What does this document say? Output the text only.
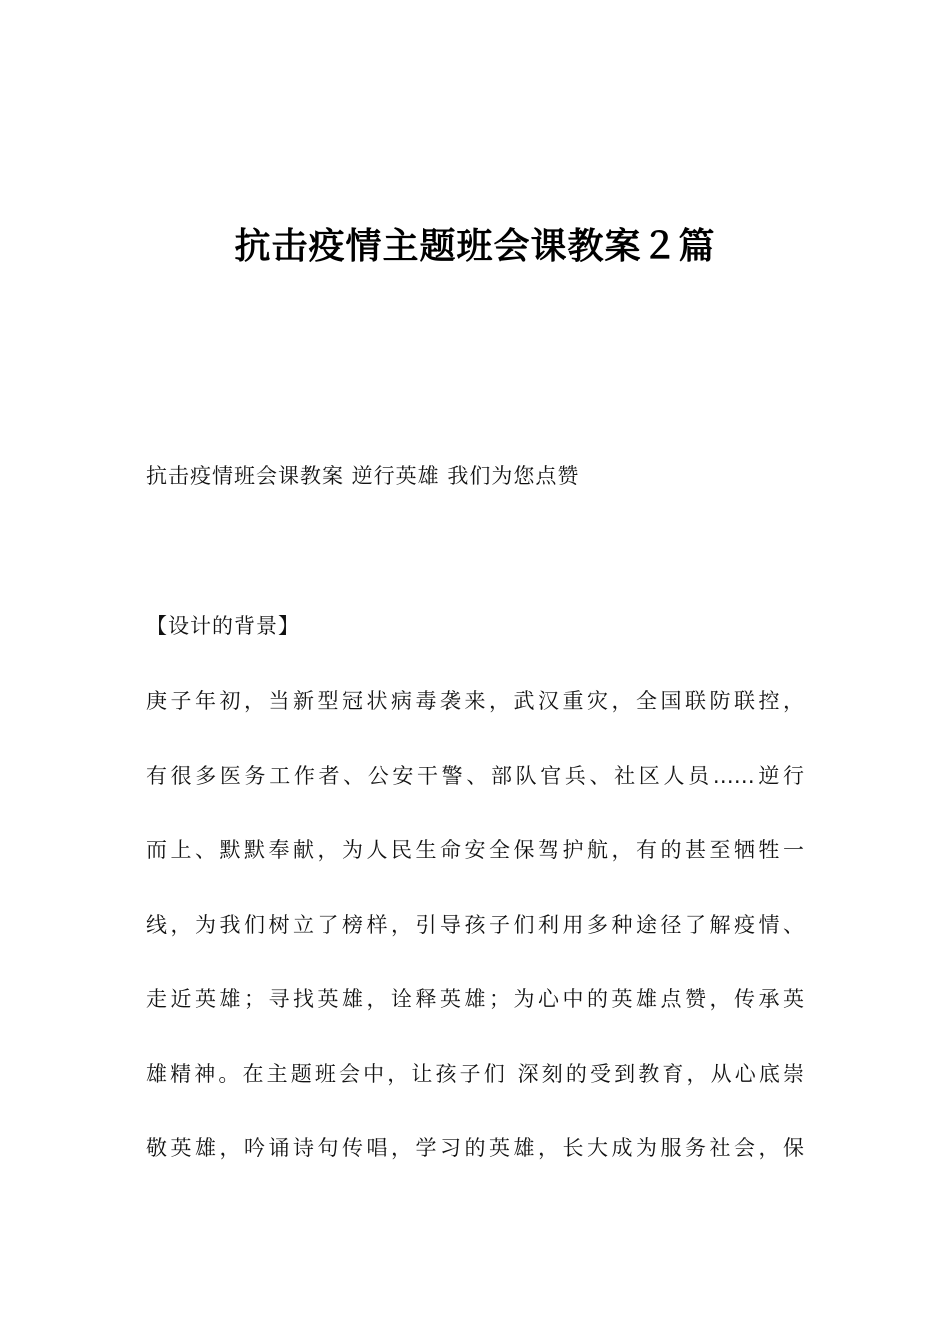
抗击疫情主题班会课教案２篇
抗击疫情班会课教案 逆行英雄 我们为您点赞
【设计的背景】
庚子年初，当新型冠状病毒袭来，武汉重灾，全国联防联控，
有很多医务工作者、公安干警、部队官兵、社区人员……逆行
而上、默默奉献，为人民生命安全保驾护航，有的甚至牺牲一
线，为我们树立了榜样，引导孩子们利用多种途径了解疫情、
走近英雄；寻找英雄，诠释英雄；为心中的英雄点赞，传承英
雄精神。在主题班会中，让孩子们 深刻的受到教育，从心底崇
敬英雄，吟诵诗句传唱，学习的英雄，长大成为服务社会，保
